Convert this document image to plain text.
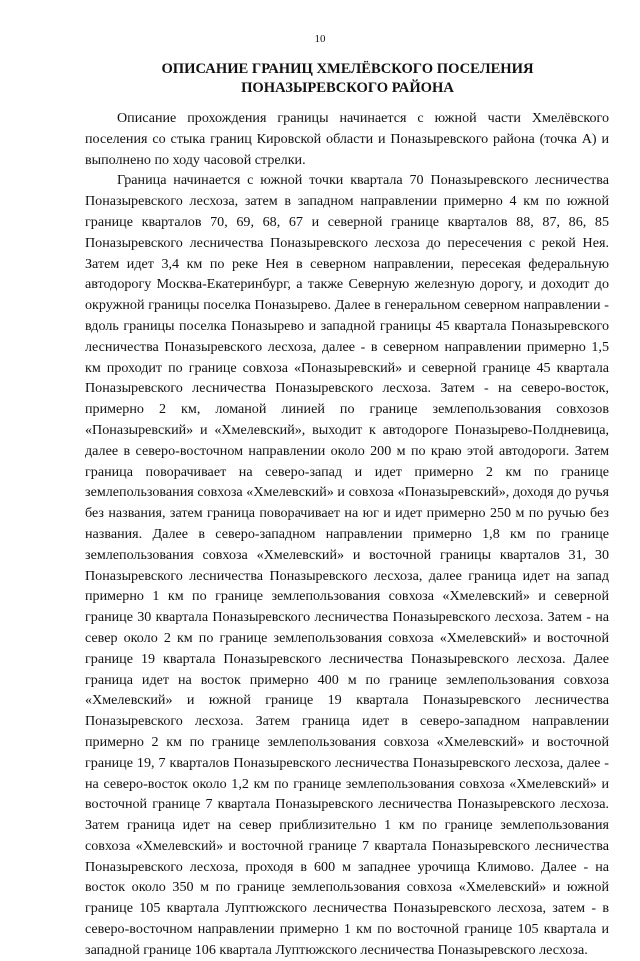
10
ОПИСАНИЕ ГРАНИЦ ХМЕЛЁВСКОГО ПОСЕЛЕНИЯ
ПОНАЗЫРЕВСКОГО РАЙОНА

Описание прохождения границы начинается с южной части Хмелёвского поселения со стыка границ Кировской области и Поназыревского района (точка А) и выполнено по ходу часовой стрелки.

Граница начинается с южной точки квартала 70 Поназыревского лесничества Поназыревского лесхоза, затем в западном направлении примерно 4 км по южной границе кварталов 70, 69, 68, 67 и северной границе кварталов 88, 87, 86, 85 Поназыревского лесничества Поназыревского лесхоза до пересечения с рекой Нея. Затем идет 3,4 км по реке Нея в северном направлении, пересекая федеральную автодорогу Москва-Екатеринбург, а также Северную железную дорогу, и доходит до окружной границы поселка Поназырево. Далее в генеральном северном направлении - вдоль границы поселка Поназырево и западной границы 45 квартала Поназыревского лесничества Поназыревского лесхоза, далее - в северном направлении примерно 1,5 км проходит по границе совхоза «Поназыревский» и северной границе 45 квартала Поназыревского лесничества Поназыревского лесхоза. Затем - на северо-восток, примерно 2 км, ломаной линией по границе землепользования совхозов «Поназыревский» и «Хмелевский», выходит к автодороге Поназырево-Полдневица, далее в северо-восточном направлении около 200 м по краю этой автодороги. Затем граница поворачивает на северо-запад и идет примерно 2 км по границе землепользования совхоза «Хмелевский» и совхоза «Поназыревский», доходя до ручья без названия, затем граница поворачивает на юг и идет примерно 250 м по ручью без названия. Далее в северо-западном направлении примерно 1,8 км по границе землепользования совхоза «Хмелевский» и восточной границы кварталов 31, 30 Поназыревского лесничества Поназыревского лесхоза, далее граница идет на запад примерно 1 км по границе землепользования совхоза «Хмелевский» и северной границе 30 квартала Поназыревского лесничества Поназыревского лесхоза. Затем - на север около 2 км по границе землепользования совхоза «Хмелевский» и восточной границе 19 квартала Поназыревского лесничества Поназыревского лесхоза. Далее граница идет на восток примерно 400 м по границе землепользования совхоза «Хмелевский» и южной границе 19 квартала Поназыревского лесничества Поназыревского лесхоза. Затем граница идет в северо-западном направлении примерно 2 км по границе землепользования совхоза «Хмелевский» и восточной границе 19, 7 кварталов Поназыревского лесничества Поназыревского лесхоза, далее - на северо-восток около 1,2 км по границе землепользования совхоза «Хмелевский» и восточной границе 7 квартала Поназыревского лесничества Поназыревского лесхоза. Затем граница идет на север приблизительно 1 км по границе землепользования совхоза «Хмелевский» и восточной границе 7 квартала Поназыревского лесничества Поназыревского лесхоза, проходя в 600 м западнее урочища Климово. Далее - на восток около 350 м по границе землепользования совхоза «Хмелевский» и южной границе 105 квартала Луптюжского лесничества Поназыревского лесхоза, затем - в северо-восточном направлении примерно 1 км по восточной границе 105 квартала и западной границе 106 квартала Луптюжского лесничества Поназыревского лесхоза.
